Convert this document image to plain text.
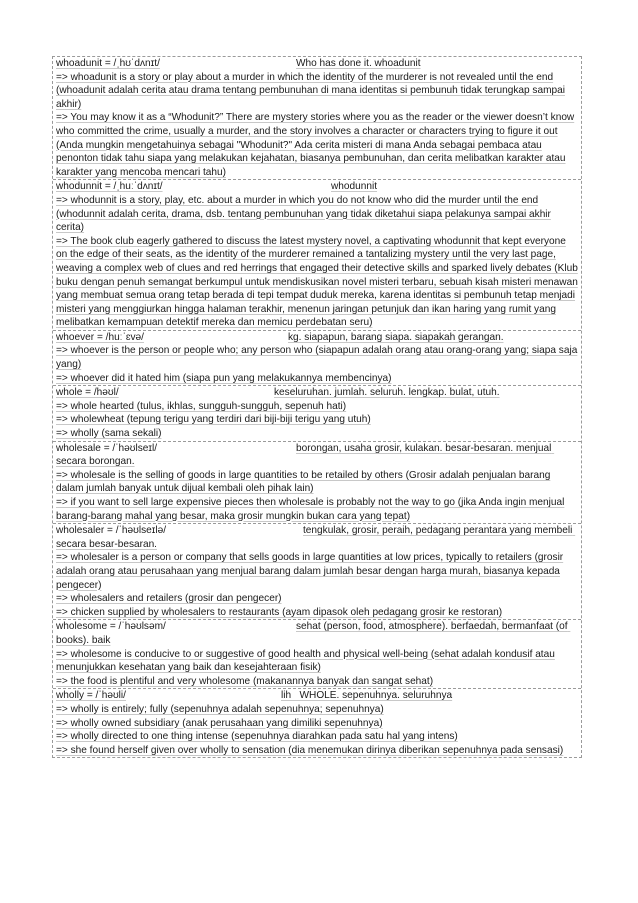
whoadunit = /ˌhʊˈdʌnɪt/	Who has done it. whoadunit

=> whoadunit is a story or play about a murder in which the identity of the murderer is not revealed until the end (whoadunit adalah cerita atau drama tentang pembunuhan di mana identitas si pembunuh tidak terungkap sampai akhir)

=> You may know it as a “Whodunit?” There are mystery stories where you as the reader or the viewer doesn’t know who committed the crime, usually a murder, and the story involves a character or characters trying to figure it out (Anda mungkin mengetahuinya sebagai "Whodunit?" Ada cerita misteri di mana Anda sebagai pembaca atau penonton tidak tahu siapa yang melakukan kejahatan, biasanya pembunuhan, dan cerita melibatkan karakter atau karakter yang mencoba mencari tahu)

whodunnit = /ˌhuːˈdʌnɪt/	whodunnit

=> whodunnit is a story, play, etc. about a murder in which you do not know who did the murder until the end (whodunnit adalah cerita, drama, dsb. tentang pembunuhan yang tidak diketahui siapa pelakunya sampai akhir cerita)

=> The book club eagerly gathered to discuss the latest mystery novel, a captivating whodunnit that kept everyone on the edge of their seats, as the identity of the murderer remained a tantalizing mystery until the very last page, weaving a complex web of clues and red herrings that engaged their detective skills and sparked lively debates (Klub buku dengan penuh semangat berkumpul untuk mendiskusikan novel misteri terbaru, sebuah kisah misteri menawan yang membuat semua orang tetap berada di tepi tempat duduk mereka, karena identitas si pembunuh tetap menjadi misteri yang menggiurkan hingga halaman terakhir, menenun jaringan petunjuk dan ikan haring yang rumit yang melibatkan kemampuan detektif mereka dan memicu perdebatan seru)

whoever = /huːˈɛvə/	kg. siapapun, barang siapa. siapakah gerangan.

=> whoever is the person or people who; any person who (siapapun adalah orang atau orang-orang yang; siapa saja yang)

=> whoever did it hated him (siapa pun yang melakukannya membencinya)

whole = /həʊl/	keseluruhan. jumlah. seluruh. lengkap. bulat, utuh.

=> whole hearted (tulus, ikhlas, sungguh-sungguh, sepenuh hati)

=> wholewheat (tepung terigu yang terdiri dari biji-biji terigu yang utuh)

=> wholly (sama sekali)

wholesale = /ˈhəʊlseɪl/	borongan, usaha grosir, kulakan. besar-besaran. menjual secara borongan.

=> wholesale is the selling of goods in large quantities to be retailed by others (Grosir adalah penjualan barang dalam jumlah banyak untuk dijual kembali oleh pihak lain)

=> if you want to sell large expensive pieces then wholesale is probably not the way to go (jika Anda ingin menjual barang-barang mahal yang besar, maka grosir mungkin bukan cara yang tepat)

wholesaler = /ˈhəʊlseɪlə/	tengkulak, grosir, peraih, pedagang perantara yang membeli secara besar-besaran.

=> wholesaler is a person or company that sells goods in large quantities at low prices, typically to retailers (grosir adalah orang atau perusahaan yang menjual barang dalam jumlah besar dengan harga murah, biasanya kepada pengecer)

=> wholesalers and retailers (grosir dan pengecer)

=> chicken supplied by wholesalers to restaurants (ayam dipasok oleh pedagang grosir ke restoran)

wholesome = /ˈhəʊlsəm/	sehat (person, food, atmosphere). berfaedah, bermanfaat (of books). baik

=> wholesome is conducive to or suggestive of good health and physical well-being (sehat adalah kondusif atau menunjukkan kesehatan yang baik dan kesejahteraan fisik)

=> the food is plentiful and very wholesome (makanannya banyak dan sangat sehat)

wholly = /ˈhəʊli/	lih   WHOLE. sepenuhnya. seluruhnya

=> wholly is entirely; fully (sepenuhnya adalah sepenuhnya; sepenuhnya)

=> wholly owned subsidiary (anak perusahaan yang dimiliki sepenuhnya)

=> wholly directed to one thing intense (sepenuhnya diarahkan pada satu hal yang intens)

=> she found herself given over wholly to sensation (dia menemukan dirinya diberikan sepenuhnya pada sensasi)
